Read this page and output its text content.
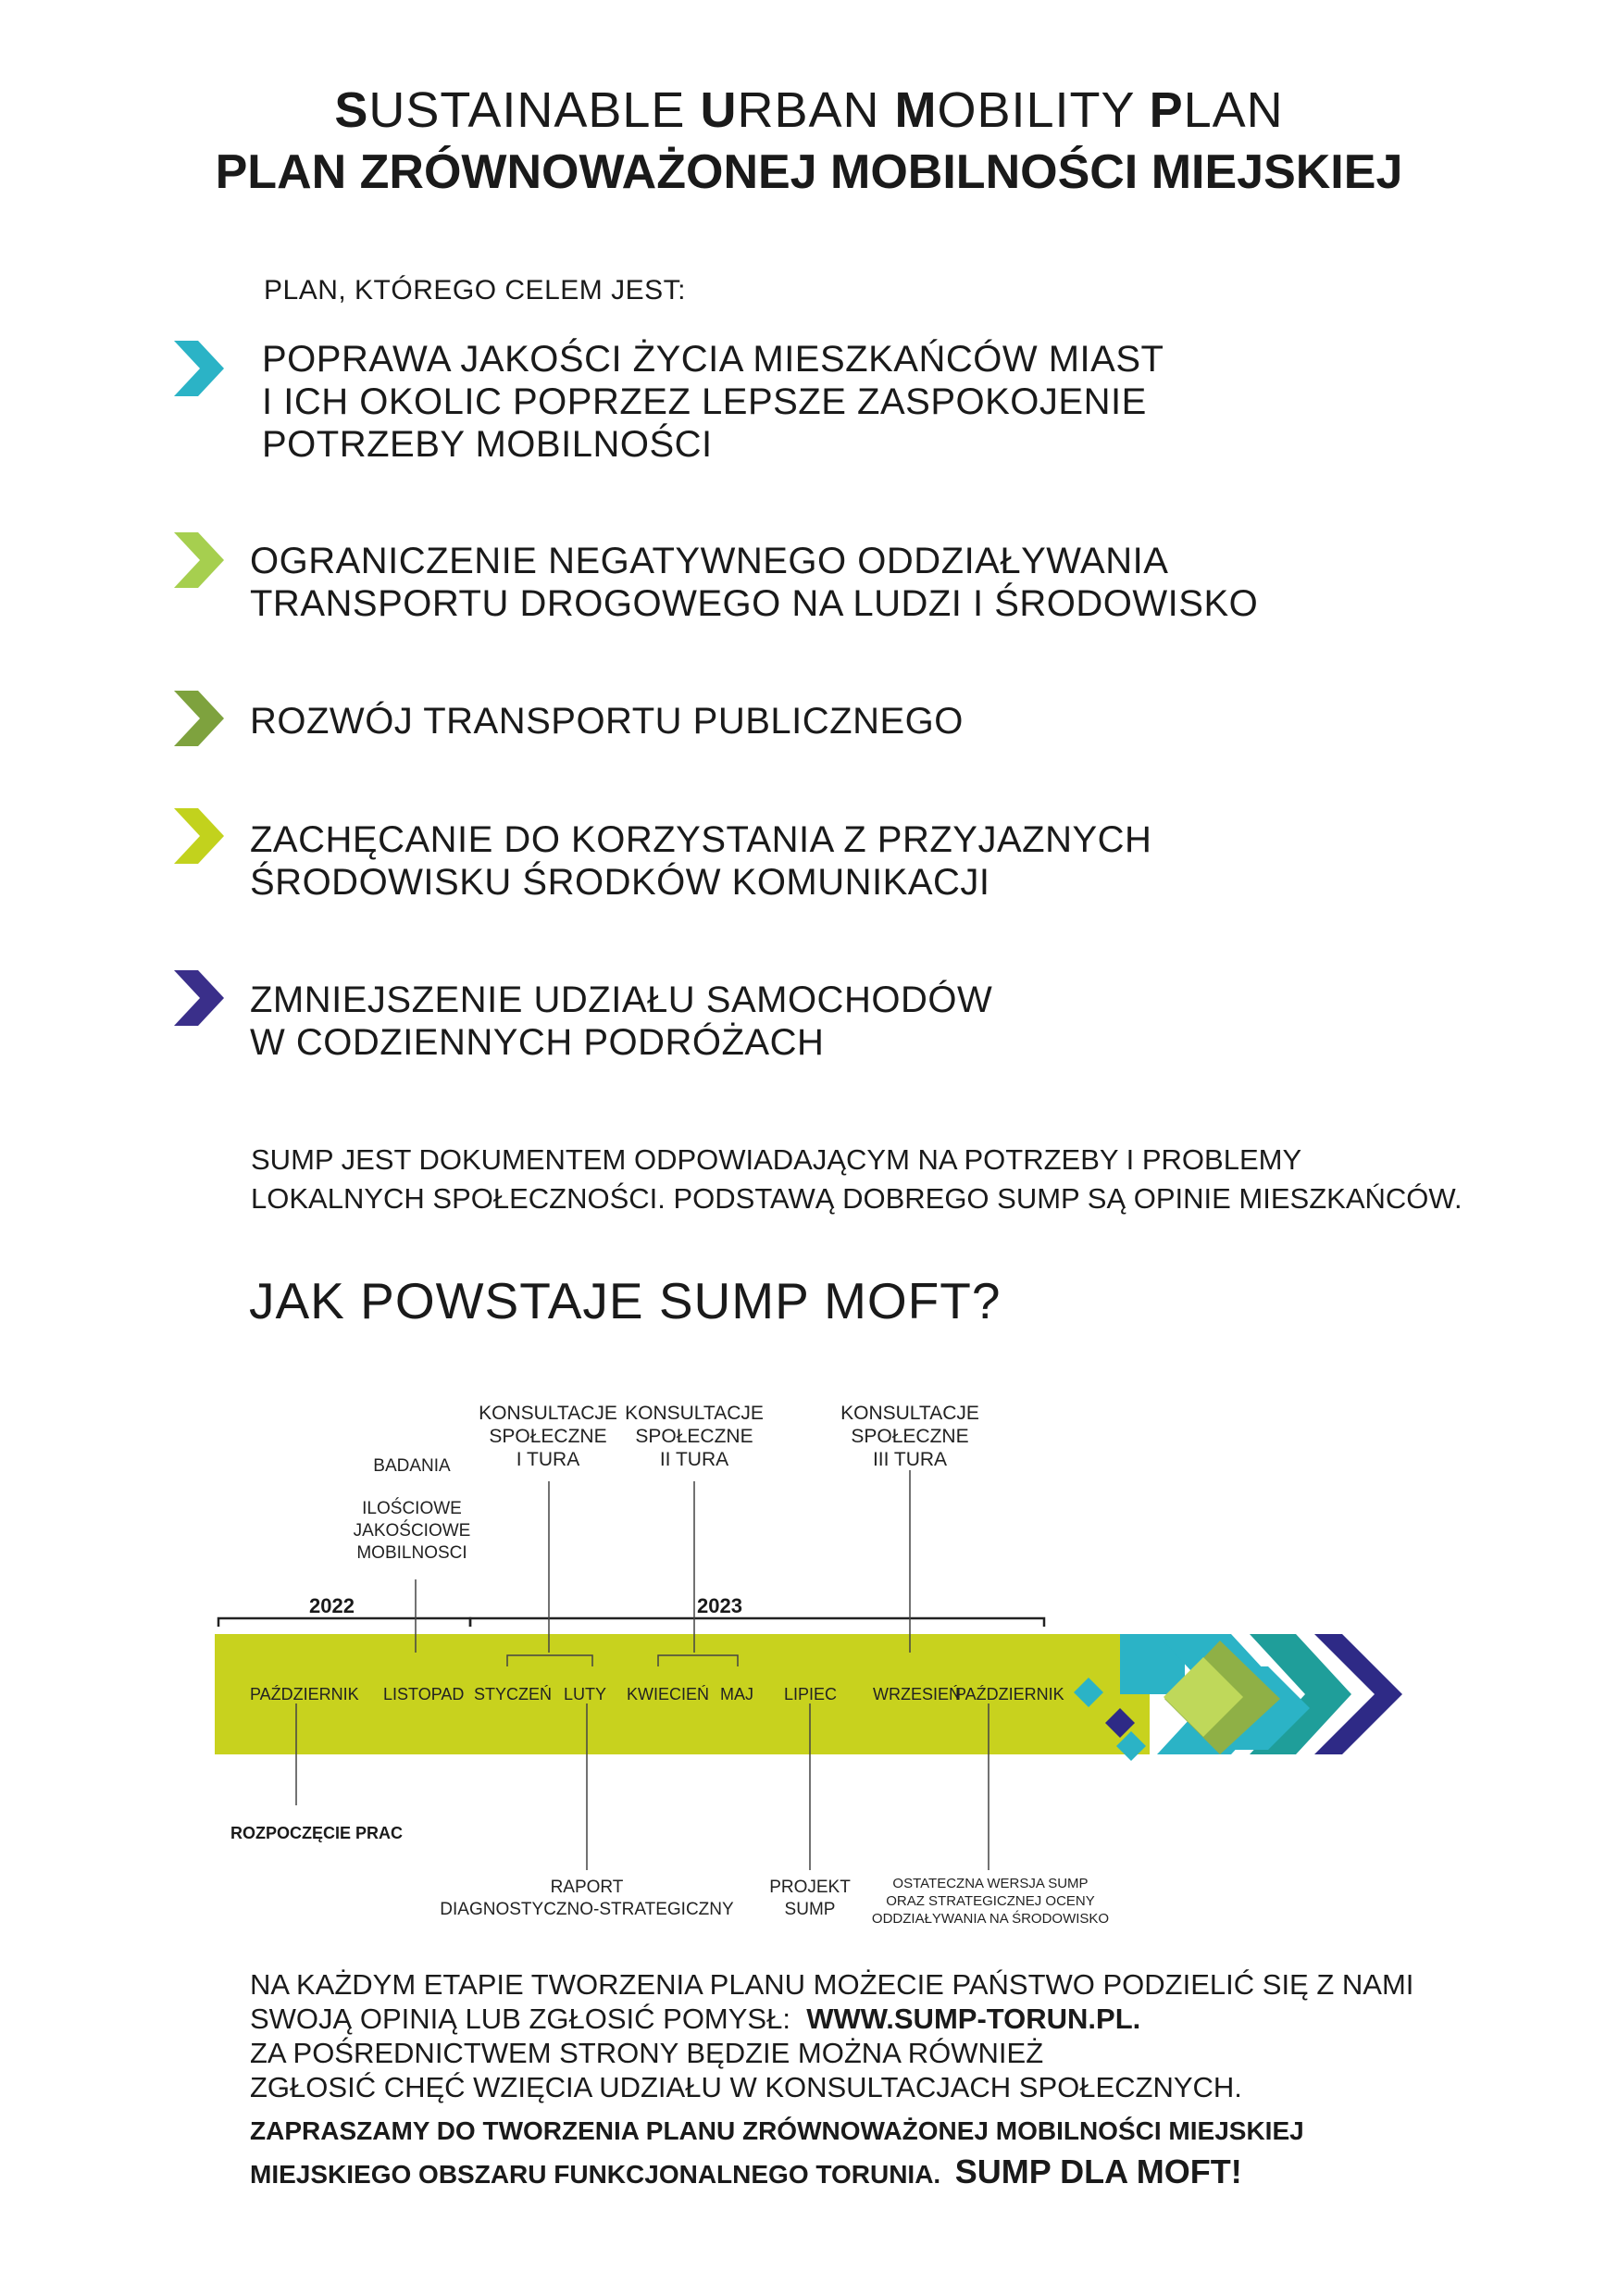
SUSTAINABLE URBAN MOBILITY PLAN
PLAN ZRÓWNOWAŻONEJ MOBILNOŚCI MIEJSKIEJ
PLAN, KTÓREGO CELEM JEST:
POPRAWA JAKOŚCI ŻYCIA MIESZKAŃCÓW MIAST
I ICH OKOLIC POPRZEZ LEPSZE ZASPOKOJENIE
POTRZEBY MOBILNOŚCI
OGRANICZENIE NEGATYWNEGO ODDZIAŁYWANIA
TRANSPORTU DROGOWEGO NA LUDZI I ŚRODOWISKO
ROZWÓJ TRANSPORTU PUBLICZNEGO
ZACHĘCANIE DO KORZYSTANIA Z PRZYJAZNYCH
ŚRODOWISKU ŚRODKÓW KOMUNIKACJI
ZMNIEJSZENIE UDZIAŁU SAMOCHODÓW
W CODZIENNYCH PODRÓŻACH
SUMP JEST DOKUMENTEM ODPOWIADAJĄCYM NA POTRZEBY I PROBLEMY
LOKALNYCH SPOŁECZNOŚCI. PODSTAWĄ DOBREGO SUMP SĄ OPINIE MIESZKAŃCÓW.
JAK POWSTAJE SUMP MOFT?
2022	2023
PAŹDZIERNIK LISTOPAD STYCZEŃ LUTY KWIECIEŃ MAJ LIPIEC WRZESIEŃ
PAŹDZIERNIK
BADANIA
ILOŚCIOWE
JAKOŚCIOWE
MOBILNOSCI
KONSULTACJE
SPOŁECZNE
I TURA
KONSULTACJE
SPOŁECZNE
II TURA
KONSULTACJE
SPOŁECZNE
III TURA
ROZPOCZĘCIE PRAC
RAPORT
DIAGNOSTYCZNO-STRATEGICZNY
PROJEKT
SUMP
OSTATECZNA WERSJA SUMP
ORAZ STRATEGICZNEJ OCENY
ODDZIAŁYWANIA NA ŚRODOWISKO
NA KAŻDYM ETAPIE TWORZENIA PLANU MOŻECIE PAŃSTWO PODZIELIĆ SIĘ Z NAMI
SWOJĄ OPINIĄ LUB ZGŁOSIĆ POMYSŁ: WWW.SUMP-TORUN.PL.
ZA POŚREDNICTWEM STRONY BĘDZIE MOŻNA RÓWNIEŻ
ZGŁOSIĆ CHĘĆ WZIĘCIA UDZIAŁU W KONSULTACJACH SPOŁECZNYCH.
ZAPRASZAMY DO TWORZENIA PLANU ZRÓWNOWAŻONEJ MOBILNOŚCI MIEJSKIEJ
MIEJSKIEGO OBSZARU FUNKCJONALNEGO TORUNIA. SUMP DLA MOFT!
